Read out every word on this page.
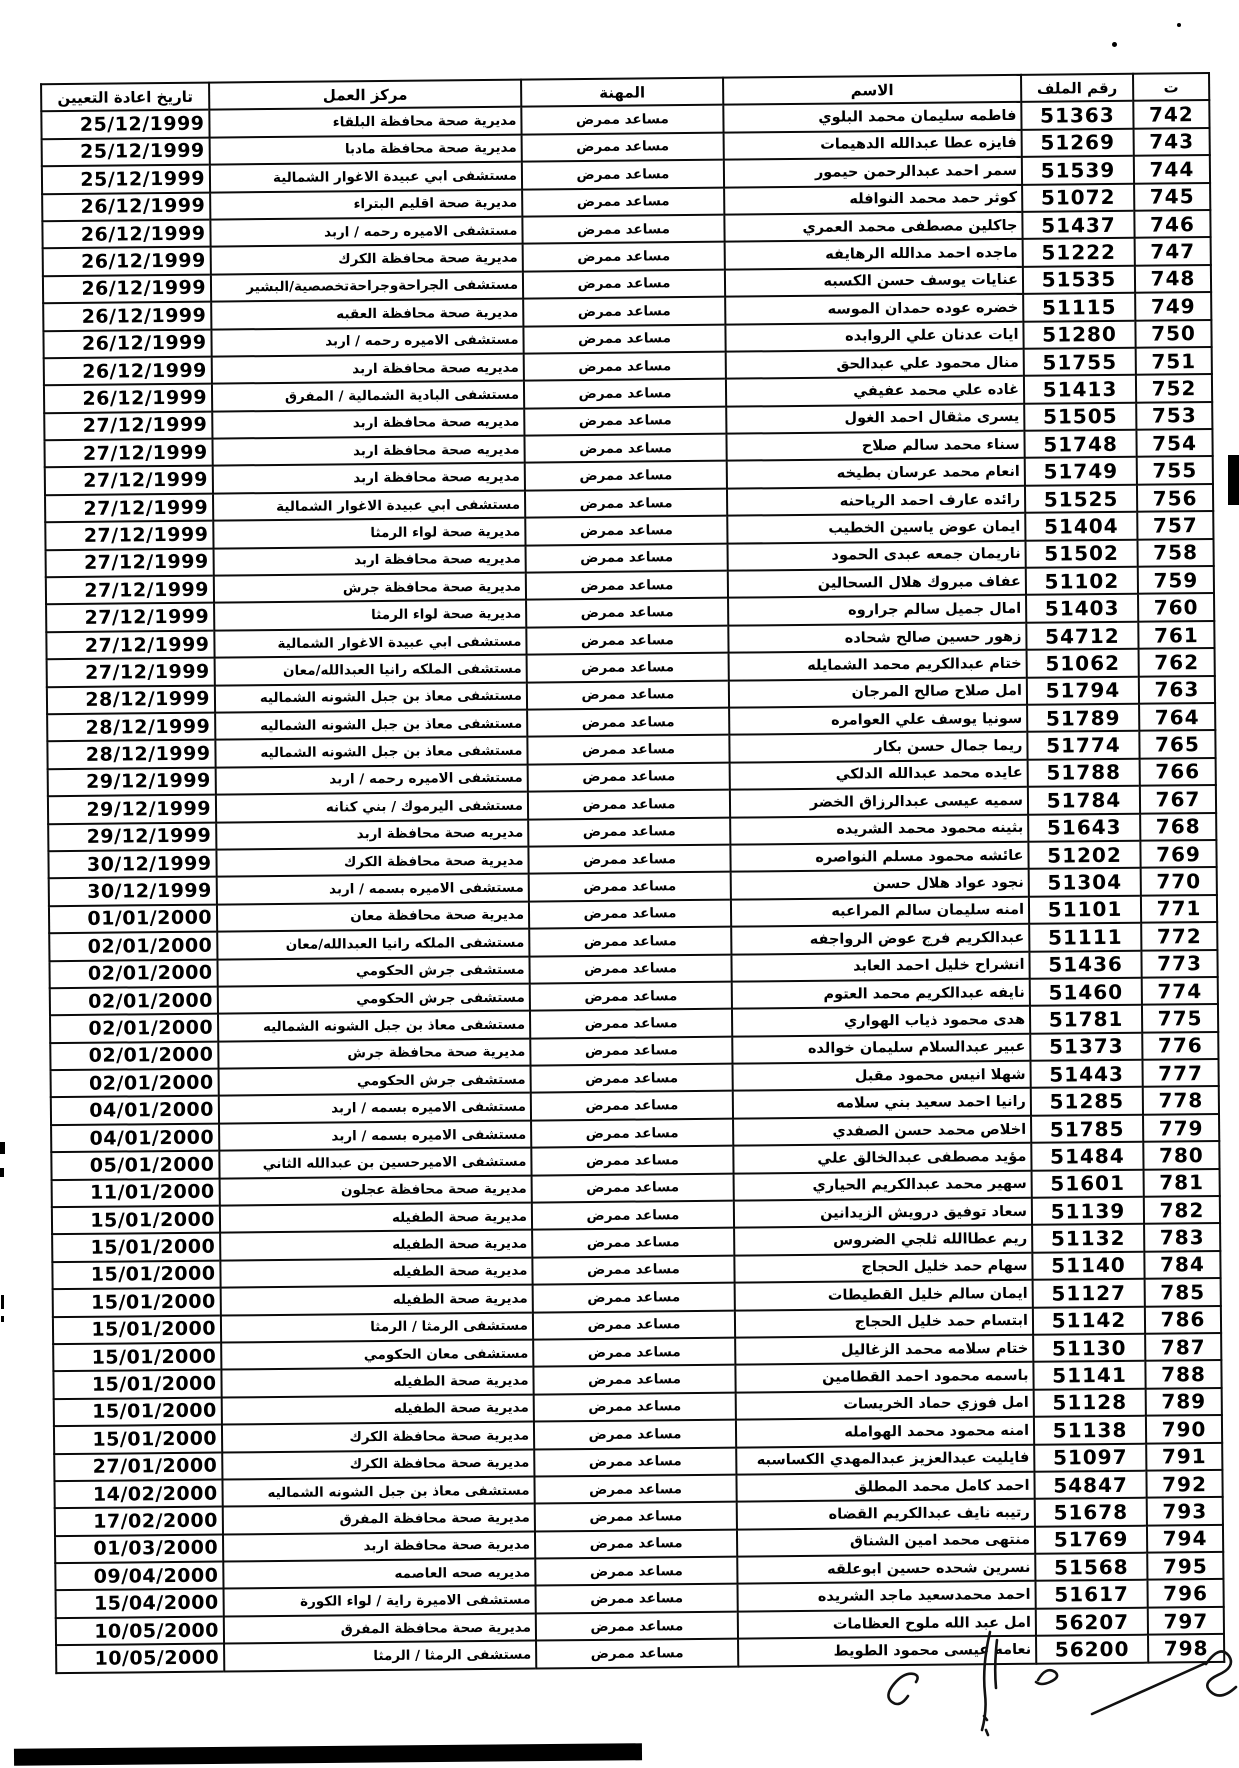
ت	رقم الملف	الاسم	المهنة	مركز العمل	تاريخ اعادة التعيين
742	51363	فاطمه سليمان محمد البلوي	مساعد ممرض	مديرية صحة محافظة البلقاء	25/12/1999
743	51269	فايزه عطا عبدالله الدهيمات	مساعد ممرض	مديرية صحة محافظة مادبا	25/12/1999
744	51539	سمر احمد عبدالرحمن حيمور	مساعد ممرض	مستشفى ابي عبيدة الاغوار الشمالية	25/12/1999
745	51072	كوثر حمد محمد النوافله	مساعد ممرض	مديرية صحة اقليم البتراء	26/12/1999
746	51437	جاكلين مصطفى محمد العمري	مساعد ممرض	مستشفى الاميره رحمه / اربد	26/12/1999
747	51222	ماجده احمد مدالله الرهايفه	مساعد ممرض	مديرية صحة محافظة الكرك	26/12/1999
748	51535	عنايات يوسف حسن الكسبه	مساعد ممرض	مستشفى الجراحةوجراحةتخصصية/البشير	26/12/1999
749	51115	خضره عوده حمدان الموسه	مساعد ممرض	مديرية صحة محافظة العقبه	26/12/1999
750	51280	ايات عدنان علي الروابده	مساعد ممرض	مستشفى الاميره رحمه / اربد	26/12/1999
751	51755	منال محمود علي عبدالحق	مساعد ممرض	مديريه صحة محافظة اربد	26/12/1999
752	51413	غاده علي محمد عفيفي	مساعد ممرض	مستشفى البادية الشمالية / المفرق	26/12/1999
753	51505	يسرى مثقال احمد الغول	مساعد ممرض	مديريه صحة محافظة اربد	27/12/1999
754	51748	سناء محمد سالم صلاح	مساعد ممرض	مديريه صحة محافظة اربد	27/12/1999
755	51749	انعام محمد عرسان بطيخه	مساعد ممرض	مديريه صحة محافظة اربد	27/12/1999
756	51525	رائده عارف احمد الرياحنه	مساعد ممرض	مستشفى ابي عبيدة الاغوار الشمالية	27/12/1999
757	51404	ايمان عوض ياسين الخطيب	مساعد ممرض	مديرية صحة لواء الرمثا	27/12/1999
758	51502	ناريمان جمعه عبدى الحمود	مساعد ممرض	مديريه صحة محافظة اربد	27/12/1999
759	51102	عفاف مبروك هلال السحالين	مساعد ممرض	مديرية صحة محافظة جرش	27/12/1999
760	51403	امال جميل سالم جراروه	مساعد ممرض	مديرية صحة لواء الرمثا	27/12/1999
761	54712	زهور حسين صالح شحاده	مساعد ممرض	مستشفى ابي عبيدة الاغوار الشمالية	27/12/1999
762	51062	ختام عبدالكريم محمد الشمايله	مساعد ممرض	مستشفى الملكه رانيا العبدالله/معان	27/12/1999
763	51794	امل صلاح صالح المرجان	مساعد ممرض	مستشفى معاذ بن جبل الشونه الشماليه	28/12/1999
764	51789	سونيا يوسف علي العوامره	مساعد ممرض	مستشفى معاذ بن جبل الشونه الشماليه	28/12/1999
765	51774	ريما جمال حسن بكار	مساعد ممرض	مستشفى معاذ بن جبل الشونه الشماليه	28/12/1999
766	51788	عايده محمد عبدالله الدلكي	مساعد ممرض	مستشفى الاميره رحمه / اربد	29/12/1999
767	51784	سميه عيسى عبدالرزاق الخضر	مساعد ممرض	مستشفى اليرموك / بني كنانه	29/12/1999
768	51643	بثينه محمود محمد الشريده	مساعد ممرض	مديريه صحة محافظة اربد	29/12/1999
769	51202	عائشه محمود مسلم النواصره	مساعد ممرض	مديرية صحة محافظة الكرك	30/12/1999
770	51304	نجود عواد هلال حسن	مساعد ممرض	مستشفى الاميره بسمه / اربد	30/12/1999
771	51101	امنه سليمان سالم المراعبه	مساعد ممرض	مديرية صحة محافظة معان	01/01/2000
772	51111	عبدالكريم فرج عوض الرواجفه	مساعد ممرض	مستشفى الملكه رانيا العبدالله/معان	02/01/2000
773	51436	انشراح خليل احمد العابد	مساعد ممرض	مستشفى جرش الحكومي	02/01/2000
774	51460	نايفه عبدالكريم محمد العتوم	مساعد ممرض	مستشفى جرش الحكومي	02/01/2000
775	51781	هدى محمود ذياب الهواري	مساعد ممرض	مستشفى معاذ بن جبل الشونه الشماليه	02/01/2000
776	51373	عبير عبدالسلام سليمان خوالده	مساعد ممرض	مديرية صحة محافظة جرش	02/01/2000
777	51443	شهلا انيس محمود مقبل	مساعد ممرض	مستشفى جرش الحكومي	02/01/2000
778	51285	رانيا احمد سعيد بني سلامه	مساعد ممرض	مستشفى الاميره بسمه / اربد	04/01/2000
779	51785	اخلاص محمد حسن الصفدي	مساعد ممرض	مستشفى الاميره بسمه / اربد	04/01/2000
780	51484	مؤيد مصطفى عبدالخالق علي	مساعد ممرض	مستشفى الاميرحسين بن عبدالله الثاني	05/01/2000
781	51601	سهير محمد عبدالكريم الحياري	مساعد ممرض	مديرية صحة محافظة عجلون	11/01/2000
782	51139	سعاد توفيق درويش الزيدانين	مساعد ممرض	مديرية صحة الطفيله	15/01/2000
783	51132	ريم عطاالله ثلجي الضروس	مساعد ممرض	مديرية صحة الطفيله	15/01/2000
784	51140	سهام حمد خليل الحجاج	مساعد ممرض	مديرية صحة الطفيله	15/01/2000
785	51127	ايمان سالم خليل القطيطات	مساعد ممرض	مديرية صحة الطفيله	15/01/2000
786	51142	ابتسام حمد خليل الحجاج	مساعد ممرض	مستشفى الرمثا / الرمثا	15/01/2000
787	51130	ختام سلامه محمد الزغاليل	مساعد ممرض	مستشفى معان الحكومي	15/01/2000
788	51141	باسمه محمود احمد القطامين	مساعد ممرض	مديرية صحة الطفيله	15/01/2000
789	51128	امل فوزي حماد الخريسات	مساعد ممرض	مديرية صحة الطفيله	15/01/2000
790	51138	امنه محمود محمد الهوامله	مساعد ممرض	مديرية صحة محافظة الكرك	15/01/2000
791	51097	فايليت عبدالعزيز عبدالمهدي الكساسبه	مساعد ممرض	مديرية صحة محافظة الكرك	27/01/2000
792	54847	احمد كامل محمد المطلق	مساعد ممرض	مستشفى معاذ بن جبل الشونه الشماليه	14/02/2000
793	51678	رتيبه نايف عبدالكريم القضاه	مساعد ممرض	مديرية صحة محافظة المفرق	17/02/2000
794	51769	منتهى محمد امين الشناق	مساعد ممرض	مديرية صحة محافظة اربد	01/03/2000
795	51568	نسرين شحده حسين ابوعلقه	مساعد ممرض	مديريه صحه العاصمه	09/04/2000
796	51617	احمد محمدسعيد ماجد الشريده	مساعد ممرض	مستشفى الاميرة راية / لواء الكورة	15/04/2000
797	56207	امل عبد الله ملوح العظامات	مساعد ممرض	مديرية صحة محافظة المفرق	10/05/2000
798	56200	نعامه عيسى محمود الطويط	مساعد ممرض	مستشفى الرمثا / الرمثا	10/05/2000
